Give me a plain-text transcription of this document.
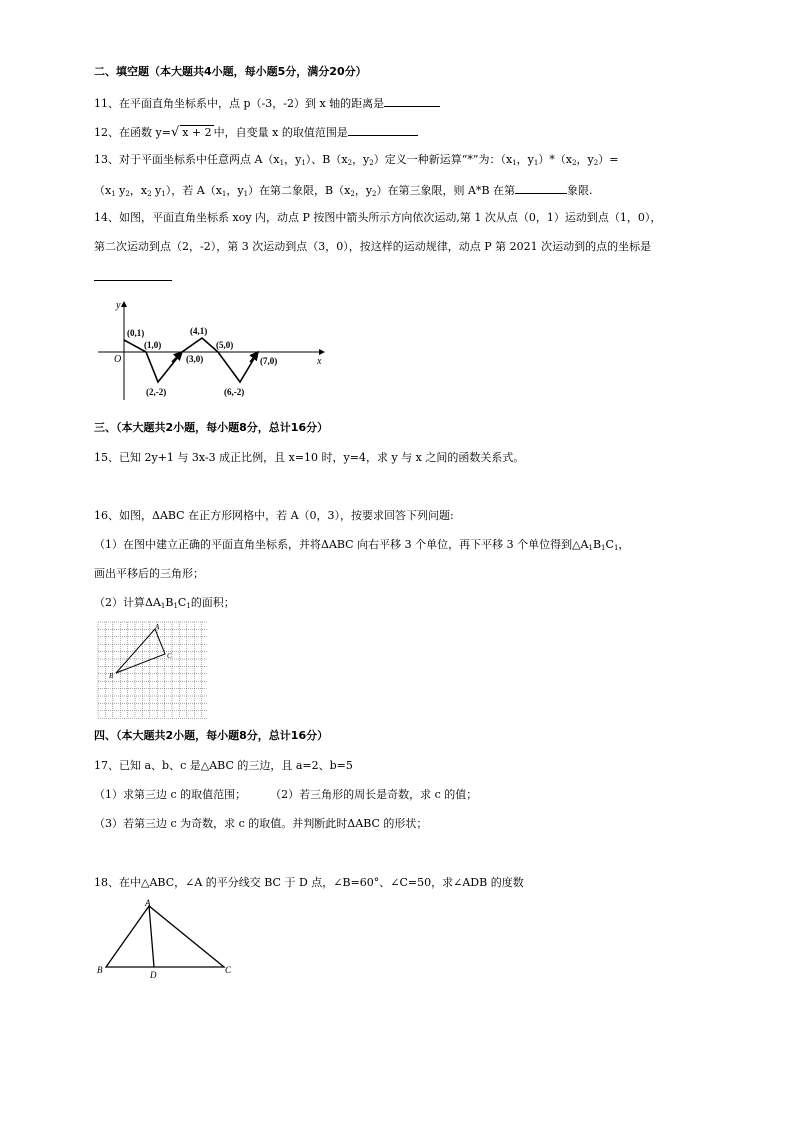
二、填空题（本大题共4小题，每小题5分，满分20分）
11、在平面直角坐标系中，点 p（-3，-2）到 x 轴的距离是
12、在函数 y=√ x + 2 中，自变量 x 的取值范围是
13、对于平面坐标系中任意两点 $A(x_1$，$y_1$）、$B(x_2$，$y_2$）定义一种新运算“*”为：（$x_1$，$y_1)*(x_2$，$y_2)=$
（$x_1$ $y_2$，$x_2$ $y_1$），若 $A(x_1$，$y_1$）在第二象限，$B(x_2$，$y_2$）在第三象限，则 A*B 在第	象限.
14、如图，平面直角坐标系 xoy 内，动点 P 按图中箭头所示方向依次运动,第 1 次从点（0，1）运动到点（1，0），
第二次运动到点（2，-2），第 3 次运动到点（3，0），按这样的运动规律，动点 P 第 2021 次运动到的点的坐标是
x
y
O
(0,1)
(1,0)
(2,-2)
(3,0)
(4,1)
(5,0)
(6,-2)
(7,0)
三、（本大题共2小题，每小题8分，总计16分）
15、已知 2y+1 与 3x-3 成正比例，且 x=10 时，y=4，求 y 与 x 之间的函数关系式。
16、如图，ΔABC 在正方形网格中，若 A（0，3），按要求回答下列问题:
（1）在图中建立正确的平面直角坐标系，并将ΔABC 向右平移 3 个单位，再下平移 3 个单位得到$\triangle A_1B_1C_1$，
画出平移后的三角形；
（2）计算$\Delta A_1B_1C_1$的面积；
A
B
C
四、（本大题共2小题，每小题8分，总计16分）
17、已知 a、b、c 是△ABC 的三边，且 a=2、b=5
（1）求第三边 c 的取值范围； （2）若三角形的周长是奇数，求 c 的值；
（3）若第三边 c 为奇数，求 c 的取值。并判断此时ΔABC 的形状；
18、在中△ABC，∠A 的平分线交 BC 于 D 点，∠B=60°、∠C=50，求∠ADB 的度数
A
B	C
D
